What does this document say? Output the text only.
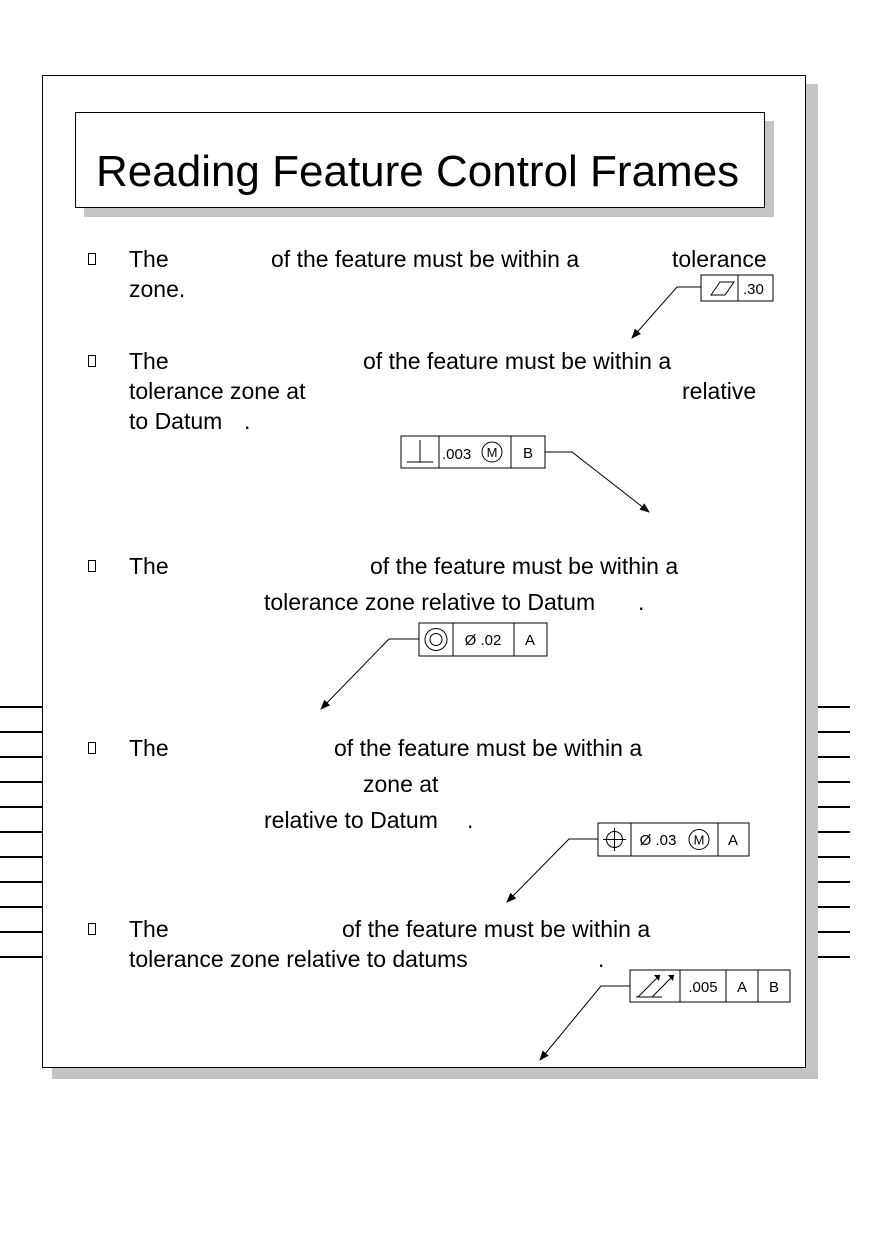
Reading Feature Control Frames
The	of the feature must be within a	tolerance
zone.
The	of the feature must be within a
tolerance zone at	relative
to Datum .
The	of the feature must be within a
tolerance zone relative to Datum .
The	of the feature must be within a
zone at
relative to Datum .
The	of the feature must be within a
tolerance zone relative to datums	.
.30
.003 M B
Ø .02 A
Ø .03 M A
.005 A B
